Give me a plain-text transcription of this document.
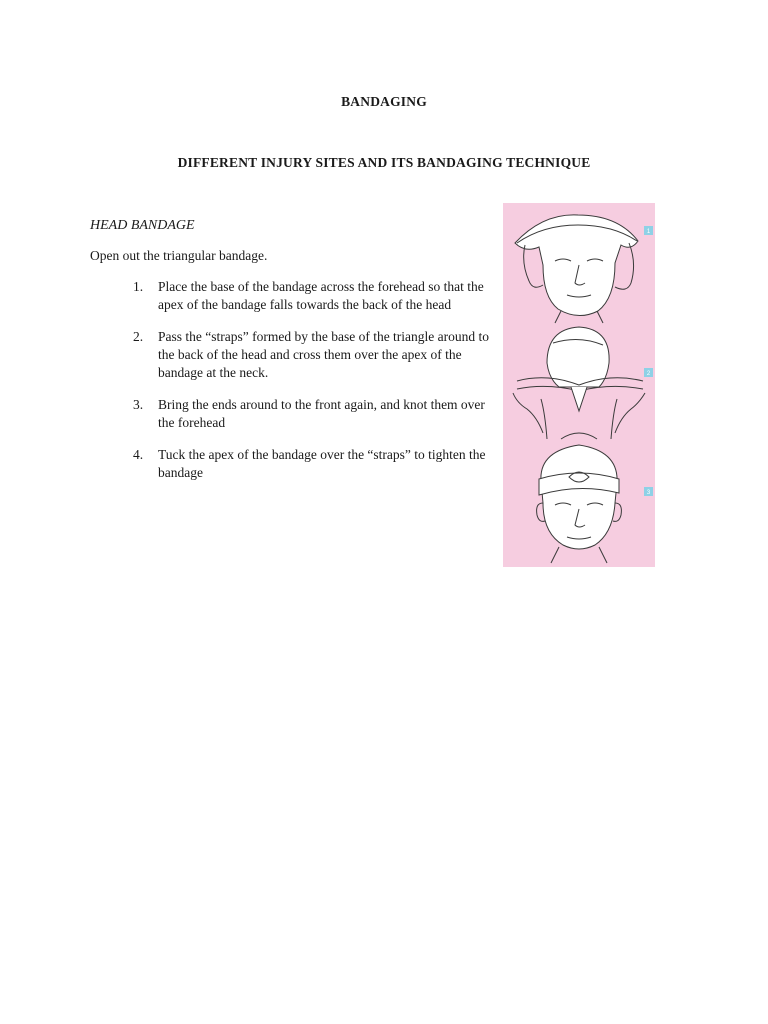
BANDAGING
DIFFERENT INJURY SITES AND ITS BANDAGING TECHNIQUE
HEAD BANDAGE
Open out the triangular bandage.
1. Place the base of the bandage across the forehead so that the apex of the bandage falls towards the back of the head
2. Pass the “straps” formed by the base of the triangle around to the back of the head and cross them over the apex of the bandage at the neck.
3. Bring the ends around to the front again, and knot them over the forehead
4. Tuck the apex of the bandage over the “straps” to tighten the bandage
1
2
3
